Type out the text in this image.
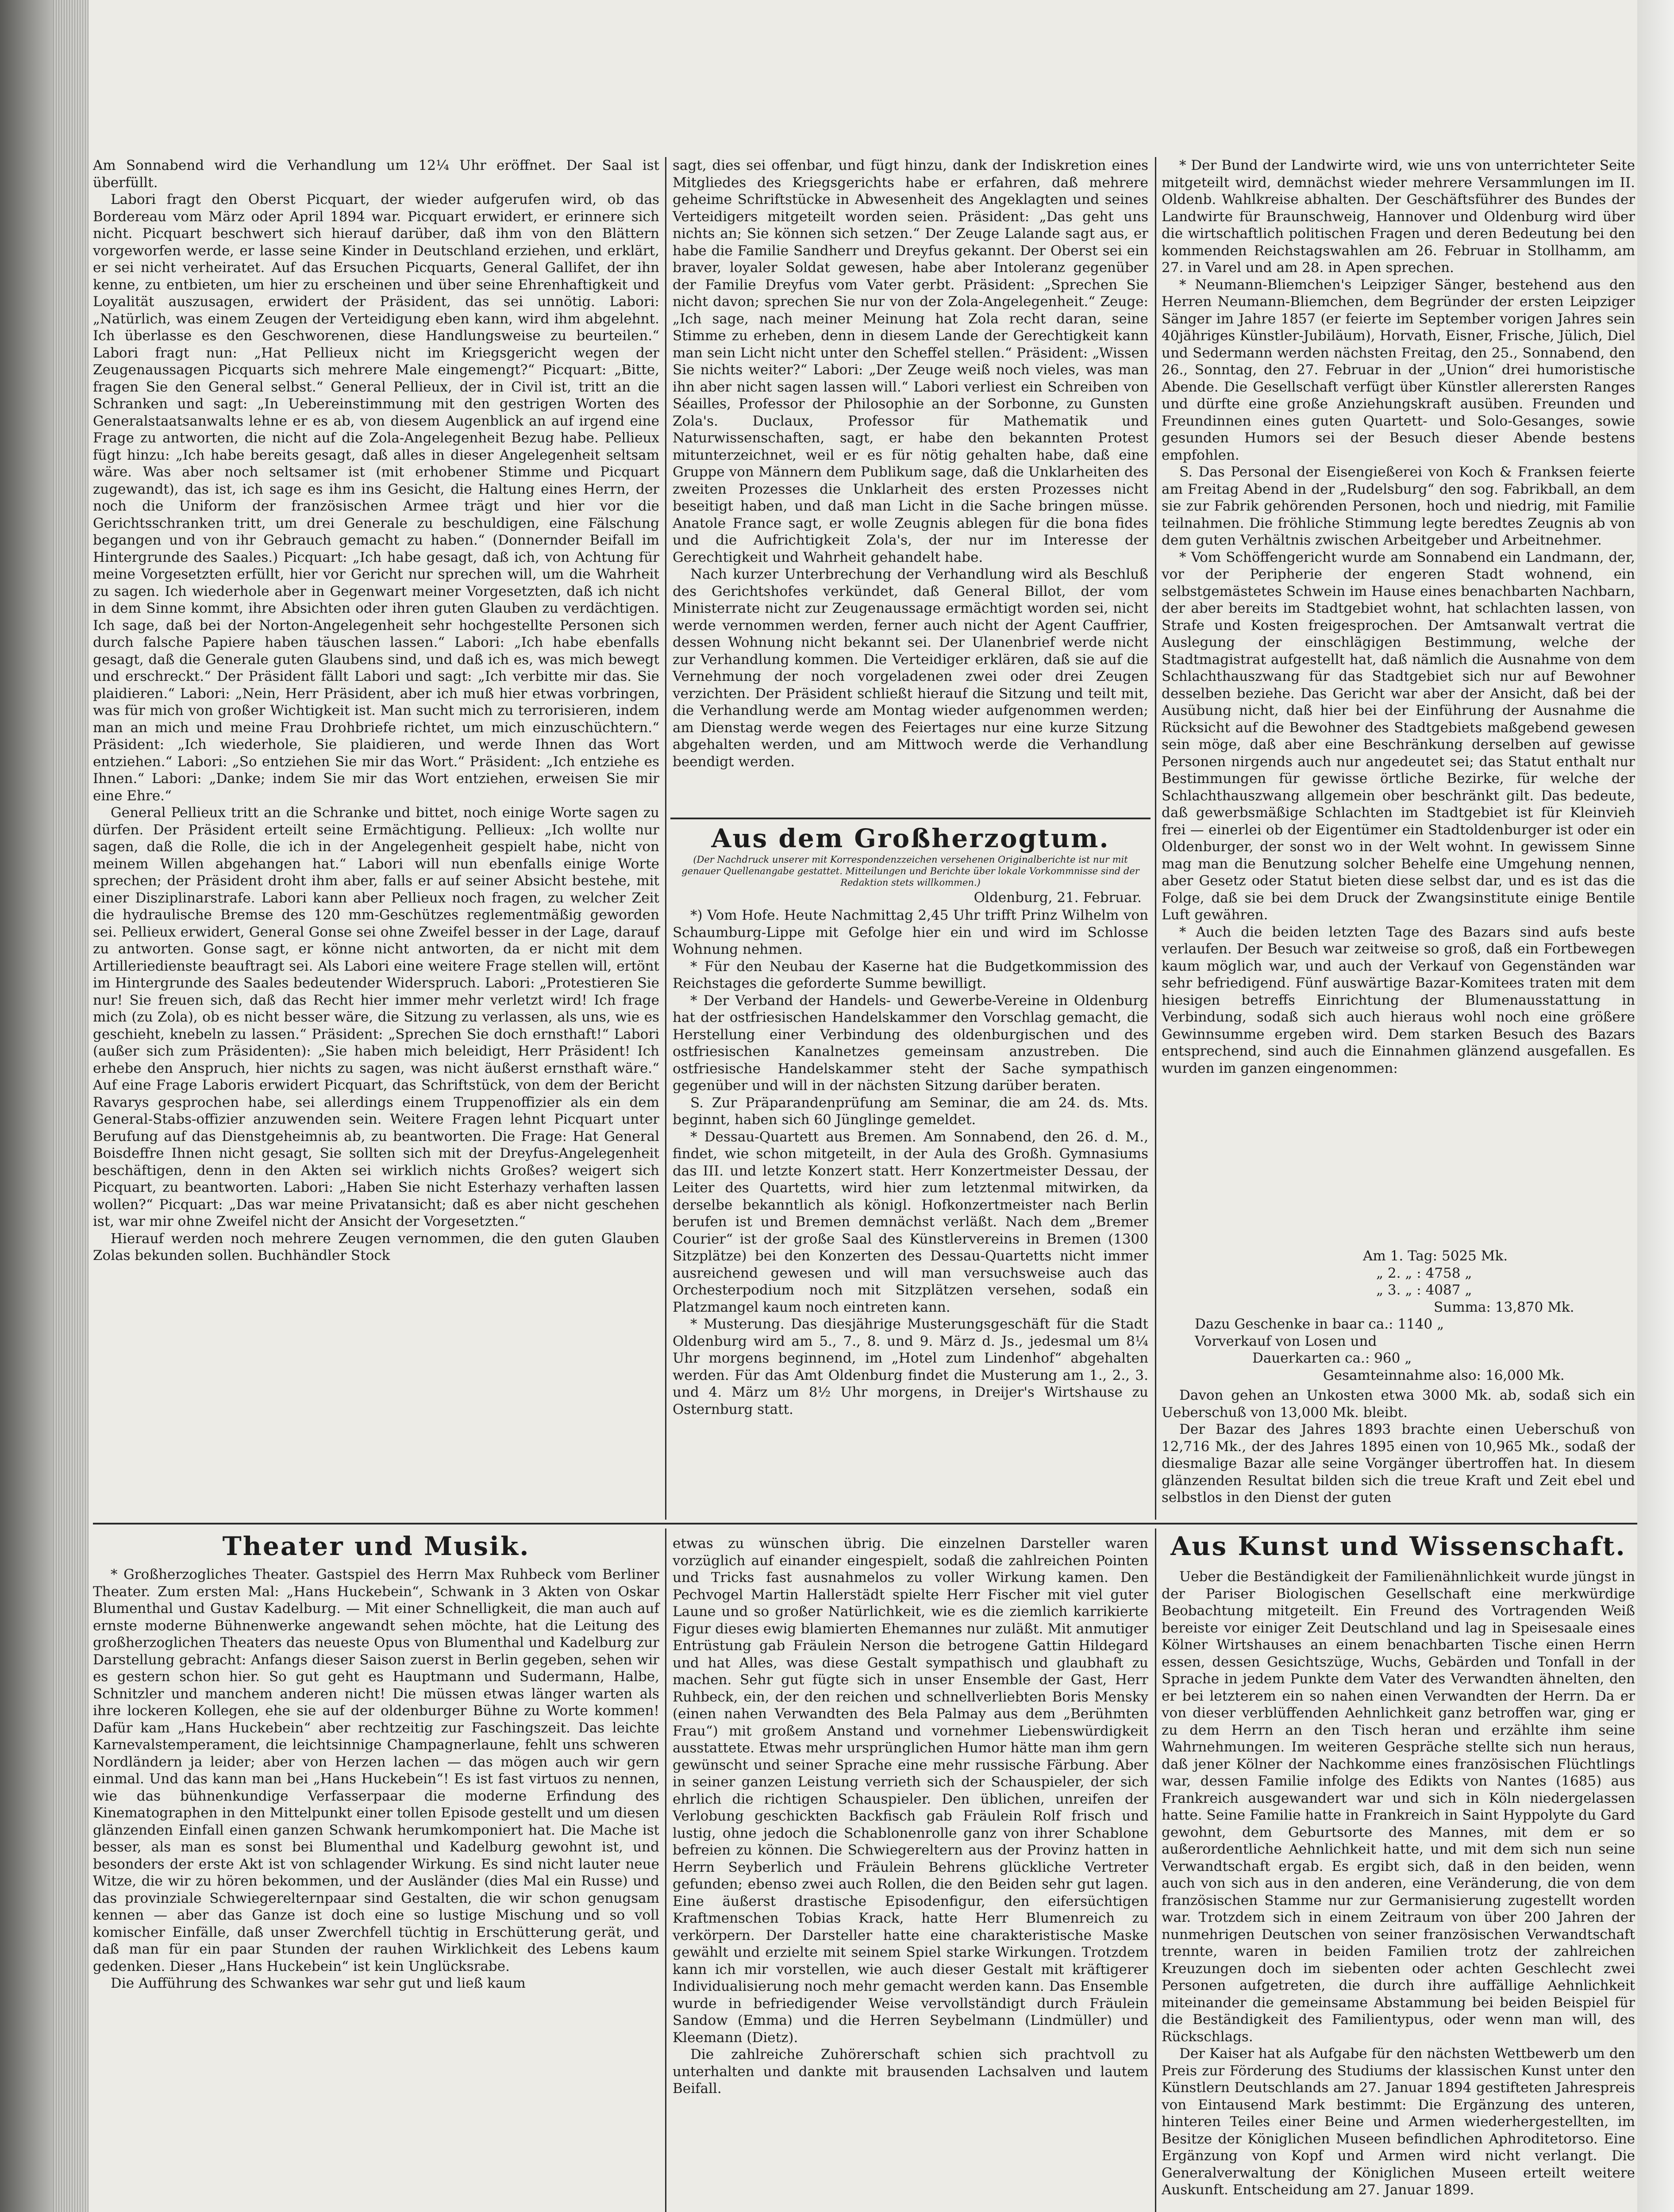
Am Sonnabend wird die Verhandlung um 12¼ Uhr eröffnet. Der Saal ist überfüllt.

Labori fragt den Oberst Picquart, der wieder aufgerufen wird, ob das Bordereau vom März oder April 1894 war. Picquart erwidert, er erinnere sich nicht. Picquart beschwert sich hierauf darüber, daß ihm von den Blättern vorgeworfen werde, er lasse seine Kinder in Deutschland erziehen, und erklärt, er sei nicht verheiratet. Auf das Ersuchen Picquarts, General Gallifet, der ihn kenne, zu entbieten, um hier zu erscheinen und über seine Ehrenhaftigkeit und Loyalität auszusagen, erwidert der Präsident, das sei unnötig. Labori: „Natürlich, was einem Zeugen der Verteidigung eben kann, wird ihm abgelehnt. Ich überlasse es den Geschworenen, diese Handlungsweise zu beurteilen.“ Labori fragt nun: „Hat Pellieux nicht im Kriegsgericht wegen der Zeugenaussagen Picquarts sich mehrere Male eingemengt?“ Picquart: „Bitte, fragen Sie den General selbst.“ General Pellieux, der in Civil ist, tritt an die Schranken und sagt: „In Uebereinstimmung mit den gestrigen Worten des Generalstaatsanwalts lehne er es ab, von diesem Augenblick an auf irgend eine Frage zu antworten, die nicht auf die Zola-Angelegenheit Bezug habe. Pellieux fügt hinzu: „Ich habe bereits gesagt, daß alles in dieser Angelegenheit seltsam wäre. Was aber noch seltsamer ist (mit erhobener Stimme und Picquart zugewandt), das ist, ich sage es ihm ins Gesicht, die Haltung eines Herrn, der noch die Uniform der französischen Armee trägt und hier vor die Gerichtsschranken tritt, um drei Generale zu beschuldigen, eine Fälschung begangen und von ihr Gebrauch gemacht zu haben.“ (Donnernder Beifall im Hintergrunde des Saales.) Picquart: „Ich habe gesagt, daß ich, von Achtung für meine Vorgesetzten erfüllt, hier vor Gericht nur sprechen will, um die Wahrheit zu sagen. Ich wiederhole aber in Gegenwart meiner Vorgesetzten, daß ich nicht in dem Sinne kommt, ihre Absichten oder ihren guten Glauben zu verdächtigen. Ich sage, daß bei der Norton-Angelegenheit sehr hochgestellte Personen sich durch falsche Papiere haben täuschen lassen.“ Labori: „Ich habe ebenfalls gesagt, daß die Generale guten Glaubens sind, und daß ich es, was mich bewegt und erschreckt.“ Der Präsident fällt Labori und sagt: „Ich verbitte mir das. Sie plaidieren.“ Labori: „Nein, Herr Präsident, aber ich muß hier etwas vorbringen, was für mich von großer Wichtigkeit ist. Man sucht mich zu terrorisieren, indem man an mich und meine Frau Drohbriefe richtet, um mich einzuschüchtern.“ Präsident: „Ich wiederhole, Sie plaidieren, und werde Ihnen das Wort entziehen.“ Labori: „So entziehen Sie mir das Wort.“ Präsident: „Ich entziehe es Ihnen.“ Labori: „Danke; indem Sie mir das Wort entziehen, erweisen Sie mir eine Ehre.“

General Pellieux tritt an die Schranke und bittet, noch einige Worte sagen zu dürfen. Der Präsident erteilt seine Ermächtigung. Pellieux: „Ich wollte nur sagen, daß die Rolle, die ich in der Angelegenheit gespielt habe, nicht von meinem Willen abgehangen hat.“ Labori will nun ebenfalls einige Worte sprechen; der Präsident droht ihm aber, falls er auf seiner Absicht bestehe, mit einer Disziplinarstrafe. Labori kann aber Pellieux noch fragen, zu welcher Zeit die hydraulische Bremse des 120 mm-Geschützes reglementmäßig geworden sei. Pellieux erwidert, General Gonse sei ohne Zweifel besser in der Lage, darauf zu antworten. Gonse sagt, er könne nicht antworten, da er nicht mit dem Artilleriedienste beauftragt sei. Als Labori eine weitere Frage stellen will, ertönt im Hintergrunde des Saales bedeutender Widerspruch. Labori: „Protestieren Sie nur! Sie freuen sich, daß das Recht hier immer mehr verletzt wird! Ich frage mich (zu Zola), ob es nicht besser wäre, die Sitzung zu verlassen, als uns, wie es geschieht, knebeln zu lassen.“ Präsident: „Sprechen Sie doch ernsthaft!“ Labori (außer sich zum Präsidenten): „Sie haben mich beleidigt, Herr Präsident! Ich erhebe den Anspruch, hier nichts zu sagen, was nicht äußerst ernsthaft wäre.“ Auf eine Frage Laboris erwidert Picquart, das Schriftstück, von dem der Bericht Ravarys gesprochen habe, sei allerdings einem Truppenoffizier als ein dem General-Stabs-offizier anzuwenden sein. Weitere Fragen lehnt Picquart unter Berufung auf das Dienstgeheimnis ab, zu beantworten. Die Frage: Hat General Boisdeffre Ihnen nicht gesagt, Sie sollten sich mit der Dreyfus-Angelegenheit beschäftigen, denn in den Akten sei wirklich nichts Großes? weigert sich Picquart, zu beantworten. Labori: „Haben Sie nicht Esterhazy verhaften lassen wollen?“ Picquart: „Das war meine Privatansicht; daß es aber nicht geschehen ist, war mir ohne Zweifel nicht der Ansicht der Vorgesetzten.“

Hierauf werden noch mehrere Zeugen vernommen, die den guten Glauben Zolas bekunden sollen. Buchhändler Stock

sagt, dies sei offenbar, und fügt hinzu, dank der Indiskretion eines Mitgliedes des Kriegsgerichts habe er erfahren, daß mehrere geheime Schriftstücke in Abwesenheit des Angeklagten und seines Verteidigers mitgeteilt worden seien. Präsident: „Das geht uns nichts an; Sie können sich setzen.“ Der Zeuge Lalande sagt aus, er habe die Familie Sandherr und Dreyfus gekannt. Der Oberst sei ein braver, loyaler Soldat gewesen, habe aber Intoleranz gegenüber der Familie Dreyfus vom Vater gerbt. Präsident: „Sprechen Sie nicht davon; sprechen Sie nur von der Zola-Angelegenheit.“ Zeuge: „Ich sage, nach meiner Meinung hat Zola recht daran, seine Stimme zu erheben, denn in diesem Lande der Gerechtigkeit kann man sein Licht nicht unter den Scheffel stellen.“ Präsident: „Wissen Sie nichts weiter?“ Labori: „Der Zeuge weiß noch vieles, was man ihn aber nicht sagen lassen will.“ Labori verliest ein Schreiben von Séailles, Professor der Philosophie an der Sorbonne, zu Gunsten Zola's. Duclaux, Professor für Mathematik und Naturwissenschaften, sagt, er habe den bekannten Protest mitunterzeichnet, weil er es für nötig gehalten habe, daß eine Gruppe von Männern dem Publikum sage, daß die Unklarheiten des zweiten Prozesses die Unklarheit des ersten Prozesses nicht beseitigt haben, und daß man Licht in die Sache bringen müsse. Anatole France sagt, er wolle Zeugnis ablegen für die bona fides und die Aufrichtigkeit Zola's, der nur im Interesse der Gerechtigkeit und Wahrheit gehandelt habe.

Nach kurzer Unterbrechung der Verhandlung wird als Beschluß des Gerichtshofes verkündet, daß General Billot, der vom Ministerrate nicht zur Zeugenaussage ermächtigt worden sei, nicht werde vernommen werden, ferner auch nicht der Agent Cauffrier, dessen Wohnung nicht bekannt sei. Der Ulanenbrief werde nicht zur Verhandlung kommen. Die Verteidiger erklären, daß sie auf die Vernehmung der noch vorgeladenen zwei oder drei Zeugen verzichten. Der Präsident schließt hierauf die Sitzung und teilt mit, die Verhandlung werde am Montag wieder aufgenommen werden; am Dienstag werde wegen des Feiertages nur eine kurze Sitzung abgehalten werden, und am Mittwoch werde die Verhandlung beendigt werden.

Aus dem Großherzogtum.
(Der Nachdruck unserer mit Korrespondenzzeichen versehenen Originalberichte ist nur mit genauer Quellenangabe gestattet. Mitteilungen und Berichte über lokale Vorkommnisse sind der Redaktion stets willkommen.)
Oldenburg, 21. Februar.

*) Vom Hofe. Heute Nachmittag 2,45 Uhr trifft Prinz Wilhelm von Schaumburg-Lippe mit Gefolge hier ein und wird im Schlosse Wohnung nehmen.

* Für den Neubau der Kaserne hat die Budgetkommission des Reichstages die geforderte Summe bewilligt.

* Der Verband der Handels- und Gewerbe-Vereine in Oldenburg hat der ostfriesischen Handelskammer den Vorschlag gemacht, die Herstellung einer Verbindung des oldenburgischen und des ostfriesischen Kanalnetzes gemeinsam anzustreben. Die ostfriesische Handelskammer steht der Sache sympathisch gegenüber und will in der nächsten Sitzung darüber beraten.

S. Zur Präparandenprüfung am Seminar, die am 24. ds. Mts. beginnt, haben sich 60 Jünglinge gemeldet.

* Dessau-Quartett aus Bremen. Am Sonnabend, den 26. d. M., findet, wie schon mitgeteilt, in der Aula des Großh. Gymnasiums das III. und letzte Konzert statt. Herr Konzertmeister Dessau, der Leiter des Quartetts, wird hier zum letztenmal mitwirken, da derselbe bekanntlich als königl. Hofkonzertmeister nach Berlin berufen ist und Bremen demnächst verläßt. Nach dem „Bremer Courier“ ist der große Saal des Künstlervereins in Bremen (1300 Sitzplätze) bei den Konzerten des Dessau-Quartetts nicht immer ausreichend gewesen und will man versuchsweise auch das Orchesterpodium noch mit Sitzplätzen versehen, sodaß ein Platzmangel kaum noch eintreten kann.

* Musterung. Das diesjährige Musterungsgeschäft für die Stadt Oldenburg wird am 5., 7., 8. und 9. März d. Js., jedesmal um 8¼ Uhr morgens beginnend, im „Hotel zum Lindenhof“ abgehalten werden. Für das Amt Oldenburg findet die Musterung am 1., 2., 3. und 4. März um 8½ Uhr morgens, in Dreijer's Wirtshause zu Osternburg statt.

* Der Bund der Landwirte wird, wie uns von unterrichteter Seite mitgeteilt wird, demnächst wieder mehrere Versammlungen im II. Oldenb. Wahlkreise abhalten. Der Geschäftsführer des Bundes der Landwirte für Braunschweig, Hannover und Oldenburg wird über die wirtschaftlich politischen Fragen und deren Bedeutung bei den kommenden Reichstagswahlen am 26. Februar in Stollhamm, am 27. in Varel und am 28. in Apen sprechen.

* Neumann-Bliemchen's Leipziger Sänger, bestehend aus den Herren Neumann-Bliemchen, dem Begründer der ersten Leipziger Sänger im Jahre 1857 (er feierte im September vorigen Jahres sein 40jähriges Künstler-Jubiläum), Horvath, Eisner, Frische, Jülich, Diel und Sedermann werden nächsten Freitag, den 25., Sonnabend, den 26., Sonntag, den 27. Februar in der „Union“ drei humoristische Abende. Die Gesellschaft verfügt über Künstler allerersten Ranges und dürfte eine große Anziehungskraft ausüben. Freunden und Freundinnen eines guten Quartett- und Solo-Gesanges, sowie gesunden Humors sei der Besuch dieser Abende bestens empfohlen.

S. Das Personal der Eisengießerei von Koch & Franksen feierte am Freitag Abend in der „Rudelsburg“ den sog. Fabrikball, an dem sie zur Fabrik gehörenden Personen, hoch und niedrig, mit Familie teilnahmen. Die fröhliche Stimmung legte beredtes Zeugnis ab von dem guten Verhältnis zwischen Arbeitgeber und Arbeitnehmer.

* Vom Schöffengericht wurde am Sonnabend ein Landmann, der, vor der Peripherie der engeren Stadt wohnend, ein selbstgemästetes Schwein im Hause eines benachbarten Nachbarn, der aber bereits im Stadtgebiet wohnt, hat schlachten lassen, von Strafe und Kosten freigesprochen. Der Amtsanwalt vertrat die Auslegung der einschlägigen Bestimmung, welche der Stadtmagistrat aufgestellt hat, daß nämlich die Ausnahme von dem Schlachthauszwang für das Stadtgebiet sich nur auf Bewohner desselben beziehe. Das Gericht war aber der Ansicht, daß bei der Ausübung nicht, daß hier bei der Einführung der Ausnahme die Rücksicht auf die Bewohner des Stadtgebiets maßgebend gewesen sein möge, daß aber eine Beschränkung derselben auf gewisse Personen nirgends auch nur angedeutet sei; das Statut enthalt nur Bestimmungen für gewisse örtliche Bezirke, für welche der Schlachthauszwang allgemein ober beschränkt gilt. Das bedeute, daß gewerbsmäßige Schlachten im Stadtgebiet ist für Kleinvieh frei — einerlei ob der Eigentümer ein Stadtoldenburger ist oder ein Oldenburger, der sonst wo in der Welt wohnt. In gewissem Sinne mag man die Benutzung solcher Behelfe eine Umgehung nennen, aber Gesetz oder Statut bieten diese selbst dar, und es ist das die Folge, daß sie bei dem Druck der Zwangsinstitute einige Bentile Luft gewähren.

* Auch die beiden letzten Tage des Bazars sind aufs beste verlaufen. Der Besuch war zeitweise so groß, daß ein Fortbewegen kaum möglich war, und auch der Verkauf von Gegenständen war sehr befriedigend. Fünf auswärtige Bazar-Komitees traten mit dem hiesigen betreffs Einrichtung der Blumenausstattung in Verbindung, sodaß sich auch hieraus wohl noch eine größere Gewinnsumme ergeben wird. Dem starken Besuch des Bazars entsprechend, sind auch die Einnahmen glänzend ausgefallen. Es wurden im ganzen eingenommen:

Am 1. Tag: 5025 Mk.
„ 2. „ : 4758 „
„ 3. „ : 4087 „
Summa: 13,870 Mk.
Dazu Geschenke in baar ca.: 1140 „
Vorverkauf von Losen und
Dauerkarten ca.: 960 „
Gesamteinnahme also: 16,000 Mk.

Davon gehen an Unkosten etwa 3000 Mk. ab, sodaß sich ein Ueberschuß von 13,000 Mk. bleibt.

Der Bazar des Jahres 1893 brachte einen Ueberschuß von 12,716 Mk., der des Jahres 1895 einen von 10,965 Mk., sodaß der diesmalige Bazar alle seine Vorgänger übertroffen hat. In diesem glänzenden Resultat bilden sich die treue Kraft und Zeit ebel und selbstlos in den Dienst der guten

Theater und Musik.

* Großherzogliches Theater. Gastspiel des Herrn Max Ruhbeck vom Berliner Theater. Zum ersten Mal: „Hans Huckebein“, Schwank in 3 Akten von Oskar Blumenthal und Gustav Kadelburg. — Mit einer Schnelligkeit, die man auch auf ernste moderne Bühnenwerke angewandt sehen möchte, hat die Leitung des großherzoglichen Theaters das neueste Opus von Blumenthal und Kadelburg zur Darstellung gebracht: Anfangs dieser Saison zuerst in Berlin gegeben, sehen wir es gestern schon hier. So gut geht es Hauptmann und Sudermann, Halbe, Schnitzler und manchem anderen nicht! Die müssen etwas länger warten als ihre lockeren Kollegen, ehe sie auf der oldenburger Bühne zu Worte kommen! Dafür kam „Hans Huckebein“ aber rechtzeitig zur Faschingszeit. Das leichte Karnevalstemperament, die leichtsinnige Champagnerlaune, fehlt uns schweren Nordländern ja leider; aber von Herzen lachen — das mögen auch wir gern einmal. Und das kann man bei „Hans Huckebein“! Es ist fast virtuos zu nennen, wie das bühnenkundige Verfasserpaar die moderne Erfindung des Kinematographen in den Mittelpunkt einer tollen Episode gestellt und um diesen glänzenden Einfall einen ganzen Schwank herumkomponiert hat. Die Mache ist besser, als man es sonst bei Blumenthal und Kadelburg gewohnt ist, und besonders der erste Akt ist von schlagender Wirkung. Es sind nicht lauter neue Witze, die wir zu hören bekommen, und der Ausländer (dies Mal ein Russe) und das provinziale Schwiegerelternpaar sind Gestalten, die wir schon genugsam kennen — aber das Ganze ist doch eine so lustige Mischung und so voll komischer Einfälle, daß unser Zwerchfell tüchtig in Erschütterung gerät, und daß man für ein paar Stunden der rauhen Wirklichkeit des Lebens kaum gedenken. Dieser „Hans Huckebein“ ist kein Unglücksrabe.

Die Aufführung des Schwankes war sehr gut und ließ kaum

etwas zu wünschen übrig. Die einzelnen Darsteller waren vorzüglich auf einander eingespielt, sodaß die zahlreichen Pointen und Tricks fast ausnahmelos zu voller Wirkung kamen. Den Pechvogel Martin Hallerstädt spielte Herr Fischer mit viel guter Laune und so großer Natürlichkeit, wie es die ziemlich karrikierte Figur dieses ewig blamierten Ehemannes nur zuläßt. Mit anmutiger Entrüstung gab Fräulein Nerson die betrogene Gattin Hildegard und hat Alles, was diese Gestalt sympathisch und glaubhaft zu machen. Sehr gut fügte sich in unser Ensemble der Gast, Herr Ruhbeck, ein, der den reichen und schnellverliebten Boris Mensky (einen nahen Verwandten des Bela Palmay aus dem „Berühmten Frau“) mit großem Anstand und vornehmer Liebenswürdigkeit ausstattete. Etwas mehr ursprünglichen Humor hätte man ihm gern gewünscht und seiner Sprache eine mehr russische Färbung. Aber in seiner ganzen Leistung verrieth sich der Schauspieler, der sich ehrlich die richtigen Schauspieler. Den üblichen, unreifen der Verlobung geschickten Backfisch gab Fräulein Rolf frisch und lustig, ohne jedoch die Schablonenrolle ganz von ihrer Schablone befreien zu können. Die Schwiegereltern aus der Provinz hatten in Herrn Seyberlich und Fräulein Behrens glückliche Vertreter gefunden; ebenso zwei auch Rollen, die den Beiden sehr gut lagen. Eine äußerst drastische Episodenfigur, den eifersüchtigen Kraftmenschen Tobias Krack, hatte Herr Blumenreich zu verkörpern. Der Darsteller hatte eine charakteristische Maske gewählt und erzielte mit seinem Spiel starke Wirkungen. Trotzdem kann ich mir vorstellen, wie auch dieser Gestalt mit kräftigerer Individualisierung noch mehr gemacht werden kann. Das Ensemble wurde in befriedigender Weise vervollständigt durch Fräulein Sandow (Emma) und die Herren Seybelmann (Lindmüller) und Kleemann (Dietz).

Die zahlreiche Zuhörerschaft schien sich prachtvoll zu unterhalten und dankte mit brausenden Lachsalven und lautem Beifall.

Aus Kunst und Wissenschaft.

Ueber die Beständigkeit der Familienähnlichkeit wurde jüngst in der Pariser Biologischen Gesellschaft eine merkwürdige Beobachtung mitgeteilt. Ein Freund des Vortragenden Weiß bereiste vor einiger Zeit Deutschland und lag in Speisesaale eines Kölner Wirtshauses an einem benachbarten Tische einen Herrn essen, dessen Gesichtszüge, Wuchs, Gebärden und Tonfall in der Sprache in jedem Punkte dem Vater des Verwandten ähnelten, den er bei letzterem ein so nahen einen Verwandten der Herrn. Da er von dieser verblüffenden Aehnlichkeit ganz betroffen war, ging er zu dem Herrn an den Tisch heran und erzählte ihm seine Wahrnehmungen. Im weiteren Gespräche stellte sich nun heraus, daß jener Kölner der Nachkomme eines französischen Flüchtlings war, dessen Familie infolge des Edikts von Nantes (1685) aus Frankreich ausgewandert war und sich in Köln niedergelassen hatte. Seine Familie hatte in Frankreich in Saint Hyppolyte du Gard gewohnt, dem Geburtsorte des Mannes, mit dem er so außerordentliche Aehnlichkeit hatte, und mit dem sich nun seine Verwandtschaft ergab. Es ergibt sich, daß in den beiden, wenn auch von sich aus in den anderen, eine Veränderung, die von dem französischen Stamme nur zur Germanisierung zugestellt worden war. Trotzdem sich in einem Zeitraum von über 200 Jahren der nunmehrigen Deutschen von seiner französischen Verwandtschaft trennte, waren in beiden Familien trotz der zahlreichen Kreuzungen doch im siebenten oder achten Geschlecht zwei Personen aufgetreten, die durch ihre auffällige Aehnlichkeit miteinander die gemeinsame Abstammung bei beiden Beispiel für die Beständigkeit des Familientypus, oder wenn man will, des Rückschlags.

Der Kaiser hat als Aufgabe für den nächsten Wettbewerb um den Preis zur Förderung des Studiums der klassischen Kunst unter den Künstlern Deutschlands am 27. Januar 1894 gestifteten Jahrespreis von Eintausend Mark bestimmt: Die Ergänzung des unteren, hinteren Teiles einer Beine und Armen wiederhergestellten, im Besitze der Königlichen Museen befindlichen Aphroditetorso. Eine Ergänzung von Kopf und Armen wird nicht verlangt. Die Generalverwaltung der Königlichen Museen erteilt weitere Auskunft. Entscheidung am 27. Januar 1899.
